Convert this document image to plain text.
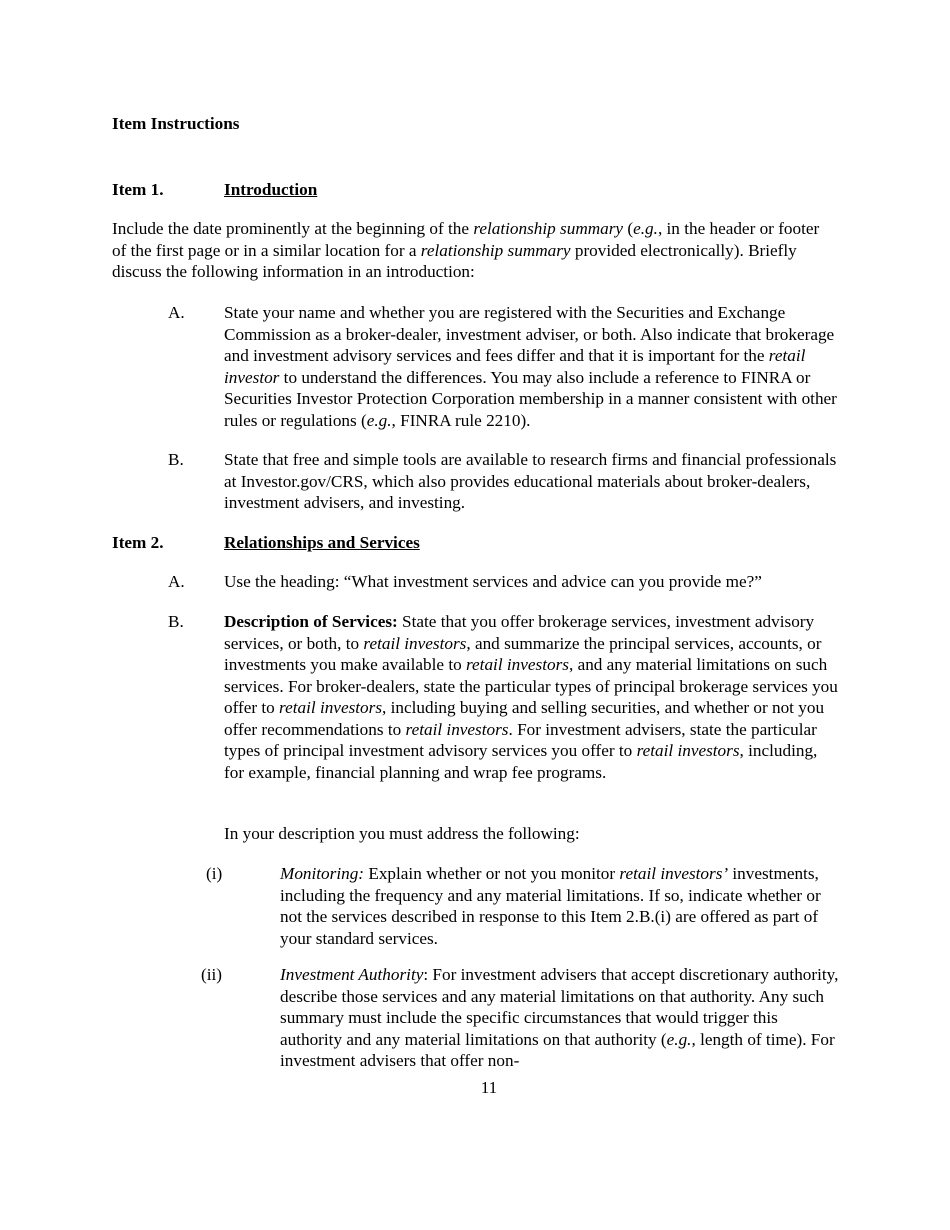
Item Instructions
Item 1.	Introduction
Include the date prominently at the beginning of the relationship summary (e.g., in the header or footer of the first page or in a similar location for a relationship summary provided electronically). Briefly discuss the following information in an introduction:
A. State your name and whether you are registered with the Securities and Exchange Commission as a broker-dealer, investment adviser, or both. Also indicate that brokerage and investment advisory services and fees differ and that it is important for the retail investor to understand the differences. You may also include a reference to FINRA or Securities Investor Protection Corporation membership in a manner consistent with other rules or regulations (e.g., FINRA rule 2210).
B. State that free and simple tools are available to research firms and financial professionals at Investor.gov/CRS, which also provides educational materials about broker-dealers, investment advisers, and investing.
Item 2.	Relationships and Services
A. Use the heading: “What investment services and advice can you provide me?”
B. Description of Services: State that you offer brokerage services, investment advisory services, or both, to retail investors, and summarize the principal services, accounts, or investments you make available to retail investors, and any material limitations on such services. For broker-dealers, state the particular types of principal brokerage services you offer to retail investors, including buying and selling securities, and whether or not you offer recommendations to retail investors. For investment advisers, state the particular types of principal investment advisory services you offer to retail investors, including, for example, financial planning and wrap fee programs.
In your description you must address the following:
(i)	Monitoring: Explain whether or not you monitor retail investors’ investments, including the frequency and any material limitations. If so, indicate whether or not the services described in response to this Item 2.B.(i) are offered as part of your standard services.
(ii)	Investment Authority: For investment advisers that accept discretionary authority, describe those services and any material limitations on that authority. Any such summary must include the specific circumstances that would trigger this authority and any material limitations on that authority (e.g., length of time). For investment advisers that offer non-
11
